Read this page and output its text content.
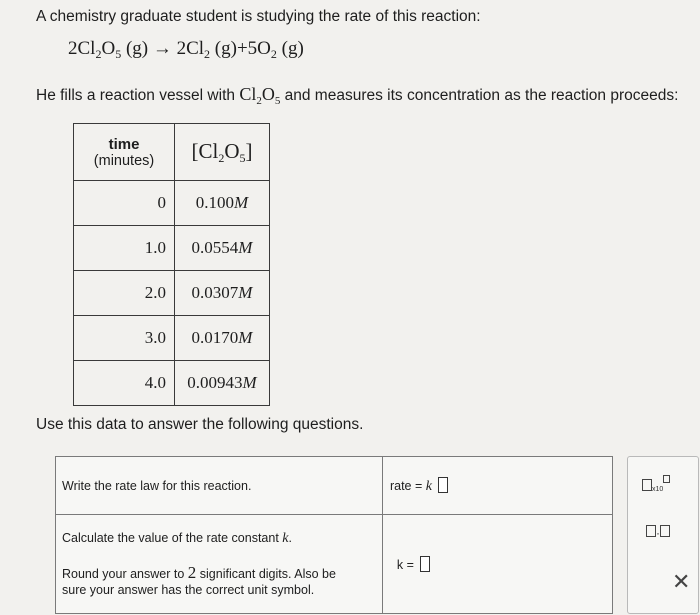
A chemistry graduate student is studying the rate of this reaction:
$2Cl_2O_5$ $(g) \to 2Cl_2$ $(g)+5O_2$ (g)
He fills a reaction vessel with $Cl_2O_5$ and measures its concentration as the reaction proceeds:
time
(minutes)	$[Cl_2O_5]$
0	0.100M
1.0	0.0554M
2.0	0.0307M
3.0	0.0170M
4.0	0.00943M
Use this data to answer the following questions.
Write the rate law for this reaction.	rate = k

Calculate the value of the rate constant k.
Round your answer to 2 significant digits. Also be
sure your answer has the correct unit symbol.	k =
x10
·
✕
